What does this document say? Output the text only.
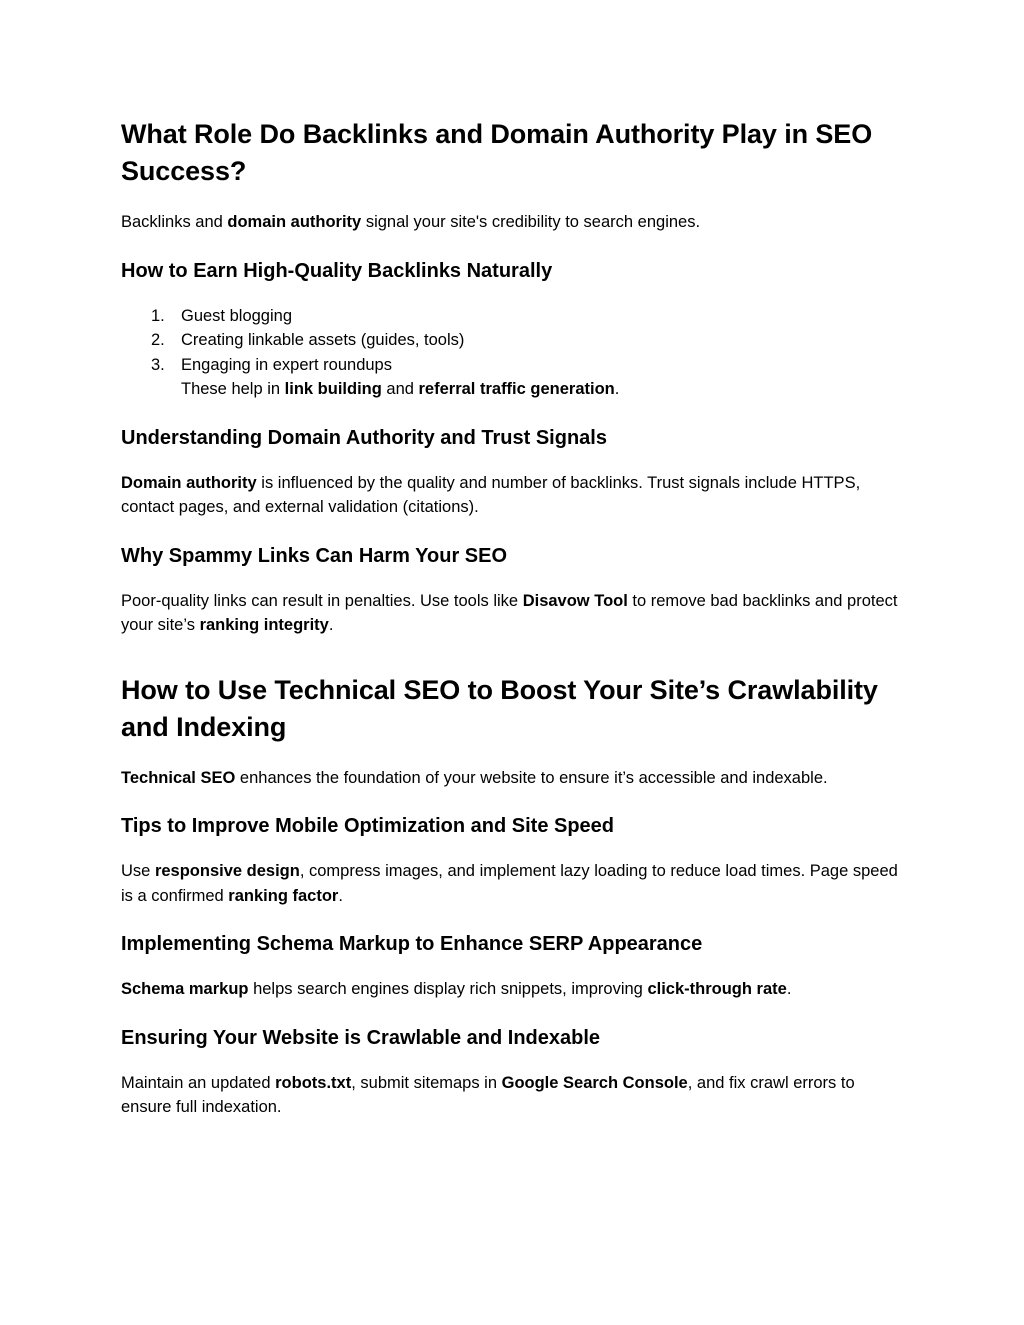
What Role Do Backlinks and Domain Authority Play in SEO Success?

Backlinks and domain authority signal your site's credibility to search engines.

How to Earn High-Quality Backlinks Naturally
1. Guest blogging
2. Creating linkable assets (guides, tools)
3. Engaging in expert roundups
These help in link building and referral traffic generation.
Understanding Domain Authority and Trust Signals

Domain authority is influenced by the quality and number of backlinks. Trust signals include HTTPS, contact pages, and external validation (citations).

Why Spammy Links Can Harm Your SEO

Poor-quality links can result in penalties. Use tools like Disavow Tool to remove bad backlinks and protect your site’s ranking integrity.

How to Use Technical SEO to Boost Your Site’s Crawlability and Indexing

Technical SEO enhances the foundation of your website to ensure it’s accessible and indexable.

Tips to Improve Mobile Optimization and Site Speed

Use responsive design, compress images, and implement lazy loading to reduce load times. Page speed is a confirmed ranking factor.

Implementing Schema Markup to Enhance SERP Appearance

Schema markup helps search engines display rich snippets, improving click-through rate.

Ensuring Your Website is Crawlable and Indexable

Maintain an updated robots.txt, submit sitemaps in Google Search Console, and fix crawl errors to ensure full indexation.
